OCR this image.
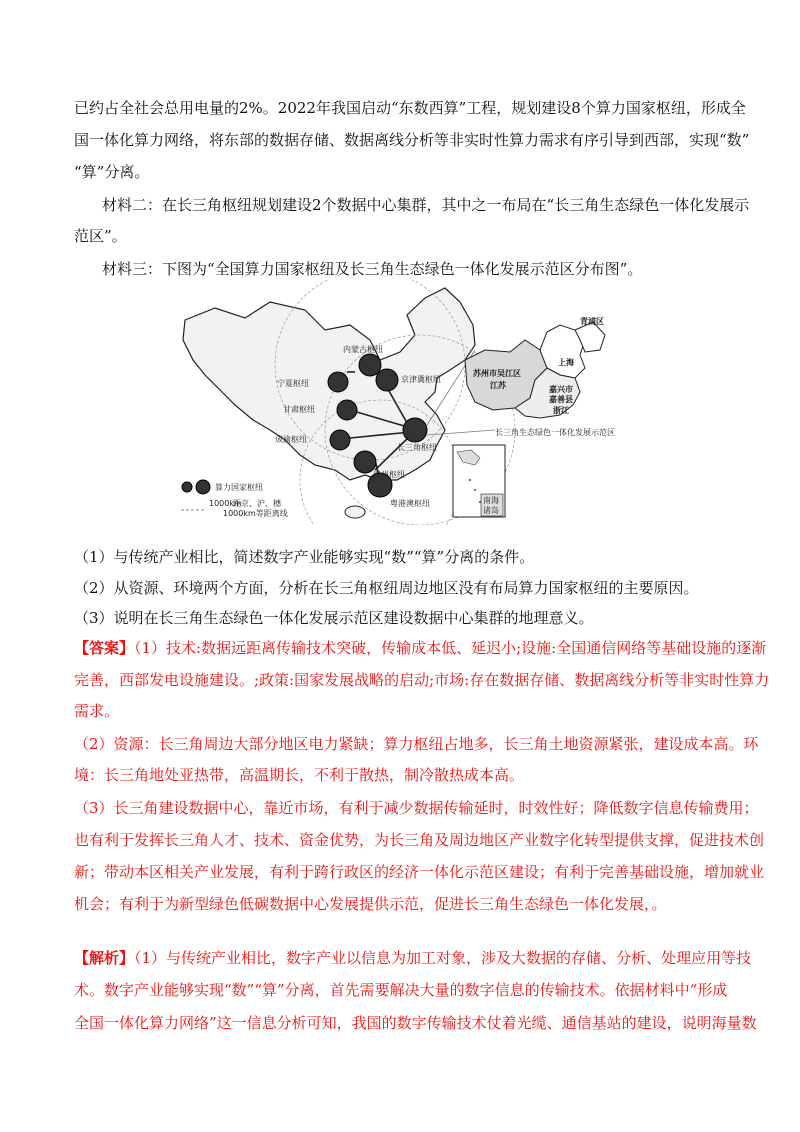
已约占全社会总用电量的2%。2022年我国启动“东数西算”工程，规划建设8个算力国家枢纽，形成全
国一体化算力网络，将东部的数据存储、数据离线分析等非实时性算力需求有序引导到西部，实现“数”
“算”分离。
材料二：在长三角枢纽规划建设2个数据中心集群，其中之一布局在“长三角生态绿色一体化发展示
范区”。
材料三：下图为“全国算力国家枢纽及长三角生态绿色一体化发展示范区分布图”。
内蒙古枢纽
宁夏枢纽
甘肃枢纽
京津冀枢纽
成渝枢纽
长三角枢纽
贵州枢纽
粤港澳枢纽
青浦区
上海
苏州市吴江区
江苏	嘉兴市
嘉善县
浙江
长三角生态绿色一体化发展示范区
南海
诸岛
算力国家枢纽
1000km
距京、沪、穗
1000km等距离线
（1）与传统产业相比，简述数字产业能够实现“数”“算”分离的条件。
（2）从资源、环境两个方面，分析在长三角枢纽周边地区没有布局算力国家枢纽的主要原因。
（3）说明在长三角生态绿色一体化发展示范区建设数据中心集群的地理意义。
【答案】（1）技术:数据远距离传输技术突破，传输成本低、延迟小;设施:全国通信网络等基础设施的逐渐
完善，西部发电设施建设。;政策:国家发展战略的启动;市场:存在数据存储、数据离线分析等非实时性算力
需求。
（2）资源：长三角周边大部分地区电力紧缺；算力枢纽占地多，长三角土地资源紧张，建设成本高。环
境：长三角地处亚热带，高温期长，不利于散热，制冷散热成本高。
（3）长三角建设数据中心，靠近市场，有利于减少数据传输延时，时效性好；降低数字信息传输费用；
也有利于发挥长三角人才、技术、资金优势，为长三角及周边地区产业数字化转型提供支撑，促进技术创
新；带动本区相关产业发展，有利于跨行政区的经济一体化示范区建设；有利于完善基础设施，增加就业
机会；有利于为新型绿色低碳数据中心发展提供示范，促进长三角生态绿色一体化发展，。
【解析】（1）与传统产业相比，数字产业以信息为加工对象，涉及大数据的存储、分析、处理应用等技
术。数字产业能够实现“数”“算”分离，首先需要解决大量的数字信息的传输技术。依据材料中“形成
全国一体化算力网络”这一信息分析可知，我国的数字传输技术仗着光缆、通信基站的建设，说明海量数
